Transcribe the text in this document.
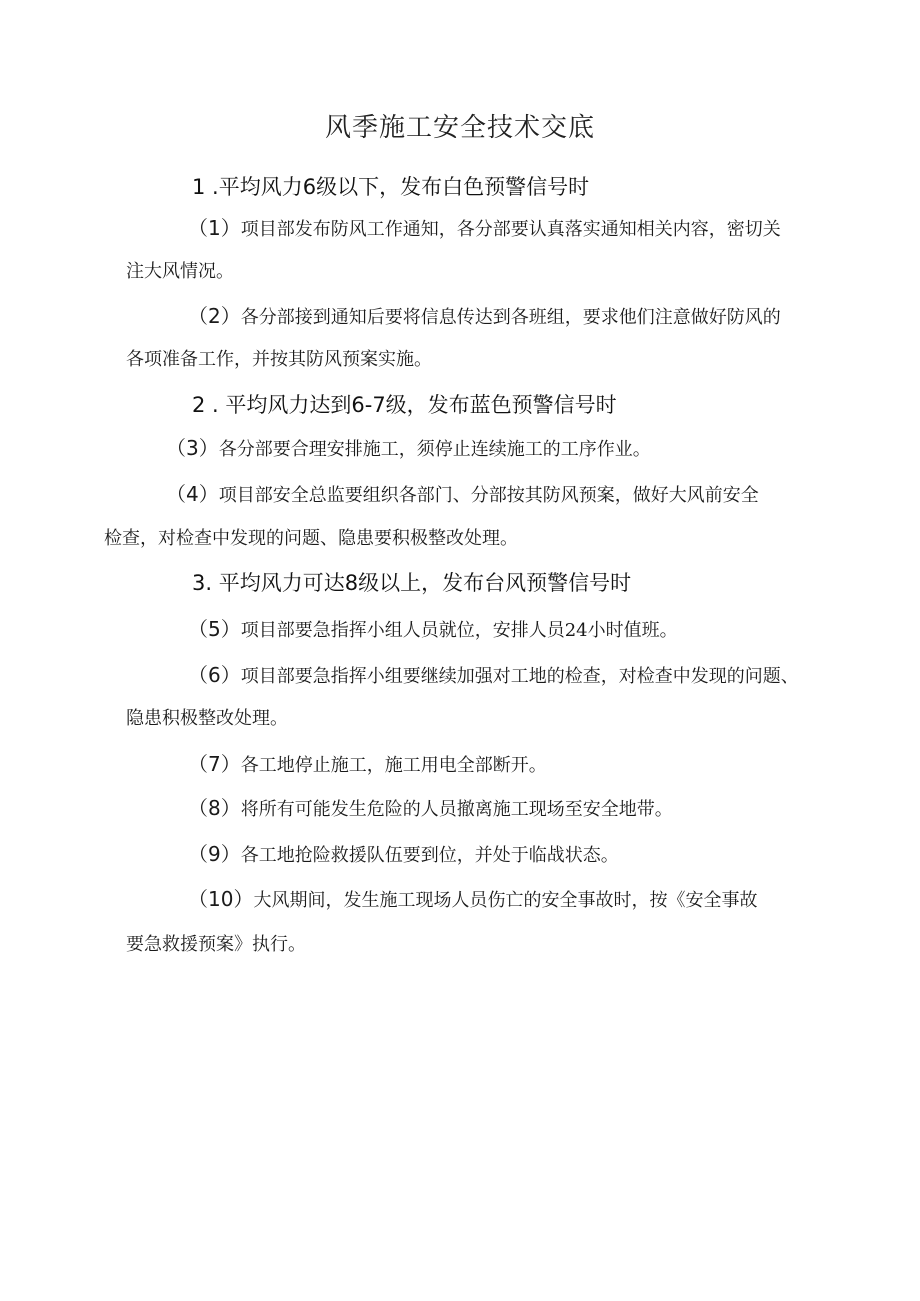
风季施工安全技术交底
1 .平均风力6级以下，发布白色预警信号时
（1）项目部发布防风工作通知，各分部要认真落实通知相关内容，密切关
注大风情况。
（2）各分部接到通知后要将信息传达到各班组，要求他们注意做好防风的
各项准备工作，并按其防风预案实施。
2 . 平均风力达到6-7级，发布蓝色预警信号时
（3）各分部要合理安排施工，须停止连续施工的工序作业。
（4）项目部安全总监要组织各部门、分部按其防风预案，做好大风前安全
检查，对检查中发现的问题、隐患要积极整改处理。
3. 平均风力可达8级以上，发布台风预警信号时
（5）项目部要急指挥小组人员就位，安排人员24小时值班。
（6）项目部要急指挥小组要继续加强对工地的检查，对检查中发现的问题、
隐患积极整改处理。
（7）各工地停止施工，施工用电全部断开。
（8）将所有可能发生危险的人员撤离施工现场至安全地带。
（9）各工地抢险救援队伍要到位，并处于临战状态。
（10）大风期间，发生施工现场人员伤亡的安全事故时，按《安全事故
要急救援预案》执行。
